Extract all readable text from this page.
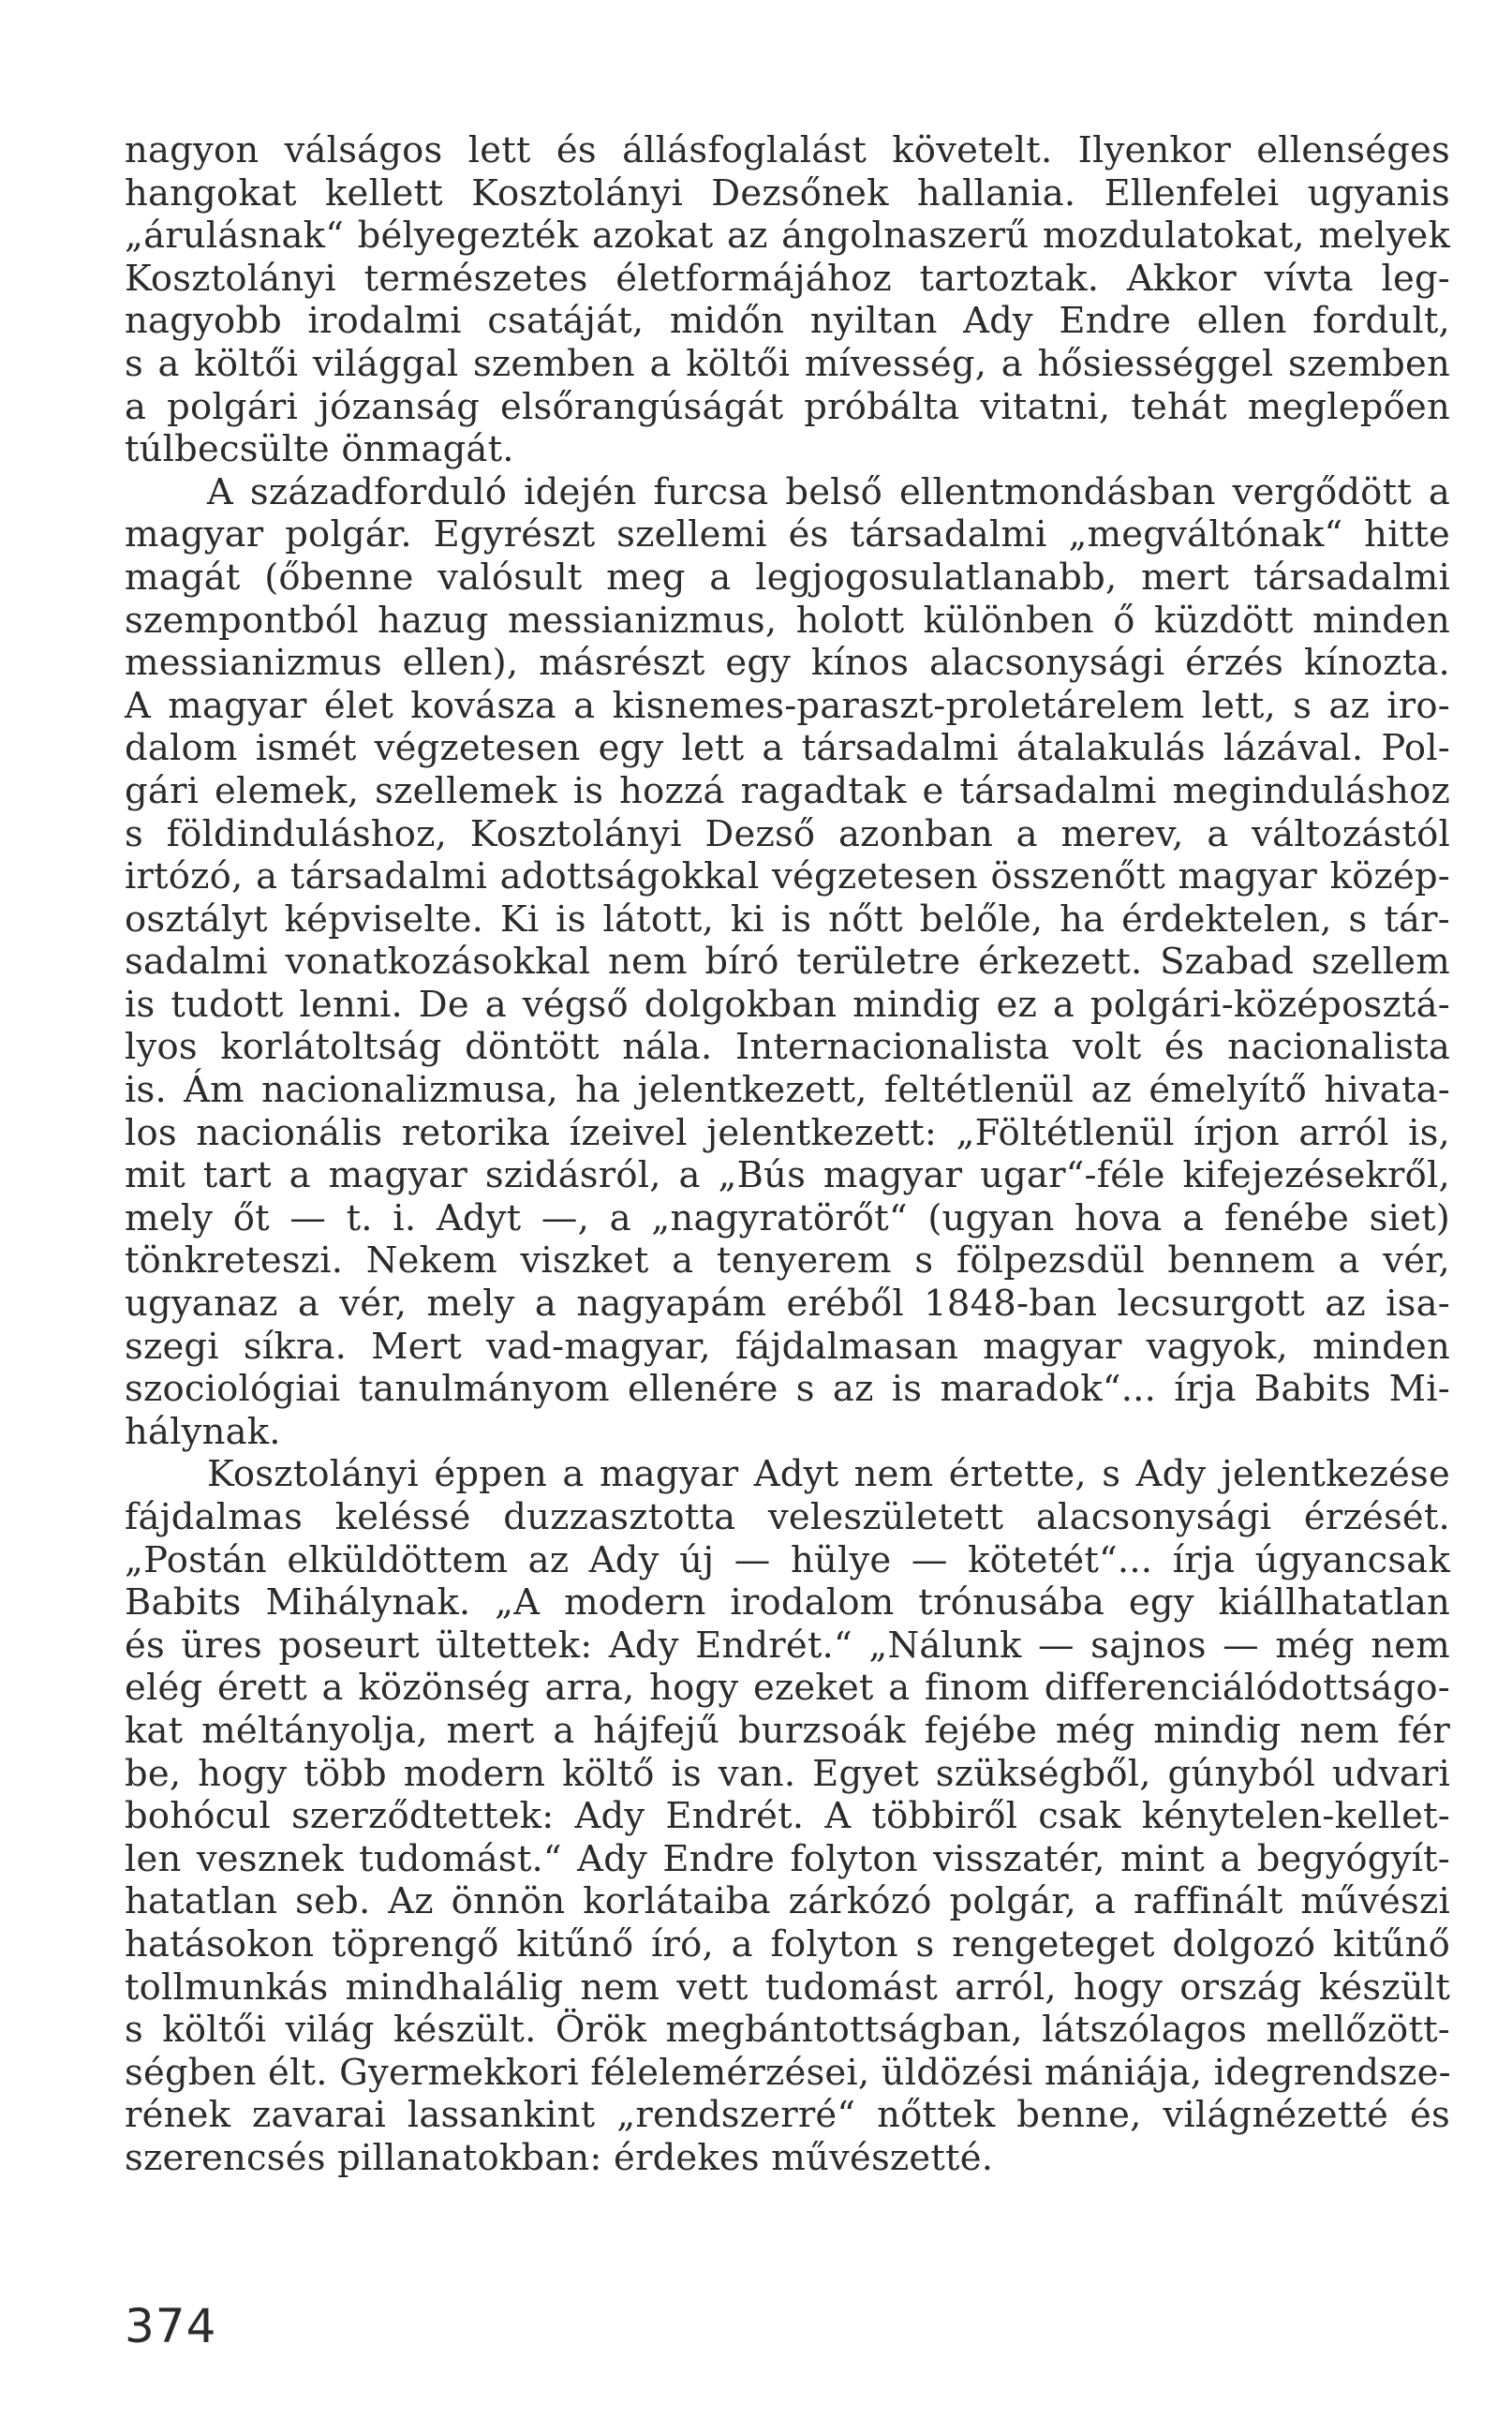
nagyon válságos lett és állásfoglalást követelt. Ilyenkor ellenséges
hangokat kellett Kosztolányi Dezsőnek hallania. Ellenfelei ugyanis
„árulásnak“ bélyegezték azokat az ángolnaszerű mozdulatokat, melyek
Kosztolányi természetes életformájához tartoztak. Akkor vívta leg-
nagyobb irodalmi csatáját, midőn nyiltan Ady Endre ellen fordult,
s a költői világgal szemben a költői mívesség, a hősiességgel szemben
a polgári józanság elsőrangúságát próbálta vitatni, tehát meglepően
túlbecsülte önmagát.
A századforduló idején furcsa belső ellentmondásban vergődött a
magyar polgár. Egyrészt szellemi és társadalmi „megváltónak“ hitte
magát (őbenne valósult meg a legjogosulatlanabb, mert társadalmi
szempontból hazug messianizmus, holott különben ő küzdött minden
messianizmus ellen), másrészt egy kínos alacsonysági érzés kínozta.
A magyar élet kovásza a kisnemes-paraszt-proletárelem lett, s az iro-
dalom ismét végzetesen egy lett a társadalmi átalakulás lázával. Pol-
gári elemek, szellemek is hozzá ragadtak e társadalmi meginduláshoz
s földinduláshoz, Kosztolányi Dezső azonban a merev, a változástól
irtózó, a társadalmi adottságokkal végzetesen összenőtt magyar közép-
osztályt képviselte. Ki is látott, ki is nőtt belőle, ha érdektelen, s tár-
sadalmi vonatkozásokkal nem bíró területre érkezett. Szabad szellem
is tudott lenni. De a végső dolgokban mindig ez a polgári-középosztá-
lyos korlátoltság döntött nála. Internacionalista volt és nacionalista
is. Ám nacionalizmusa, ha jelentkezett, feltétlenül az émelyítő hivata-
los nacionális retorika ízeivel jelentkezett: „Föltétlenül írjon arról is,
mit tart a magyar szidásról, a „Bús magyar ugar“-féle kifejezésekről,
mely őt — t. i. Adyt —, a „nagyratörőt“ (ugyan hova a fenébe siet)
tönkreteszi. Nekem viszket a tenyerem s fölpezsdül bennem a vér,
ugyanaz a vér, mely a nagyapám eréből 1848-ban lecsurgott az isa-
szegi síkra. Mert vad-magyar, fájdalmasan magyar vagyok, minden
szociológiai tanulmányom ellenére s az is maradok“... írja Babits Mi-
hálynak.
Kosztolányi éppen a magyar Adyt nem értette, s Ady jelentkezése
fájdalmas keléssé duzzasztotta veleszületett alacsonysági érzését.
„Postán elküldöttem az Ady új — hülye — kötetét“... írja úgyancsak
Babits Mihálynak. „A modern irodalom trónusába egy kiállhatatlan
és üres poseurt ültettek: Ady Endrét.“ „Nálunk — sajnos — még nem
elég érett a közönség arra, hogy ezeket a finom differenciálódottságo-
kat méltányolja, mert a hájfejű burzsoák fejébe még mindig nem fér
be, hogy több modern költő is van. Egyet szükségből, gúnyból udvari
bohócul szerződtettek: Ady Endrét. A többiről csak kénytelen-kellet-
len vesznek tudomást.“ Ady Endre folyton visszatér, mint a begyógyít-
hatatlan seb. Az önnön korlátaiba zárkózó polgár, a raffinált művészi
hatásokon töprengő kitűnő író, a folyton s rengeteget dolgozó kitűnő
tollmunkás mindhalálig nem vett tudomást arról, hogy ország készült
s költői világ készült. Örök megbántottságban, látszólagos mellőzött-
ségben élt. Gyermekkori félelemérzései, üldözési mániája, idegrendsze-
rének zavarai lassankint „rendszerré“ nőttek benne, világnézetté és
szerencsés pillanatokban: érdekes művészetté.
374
